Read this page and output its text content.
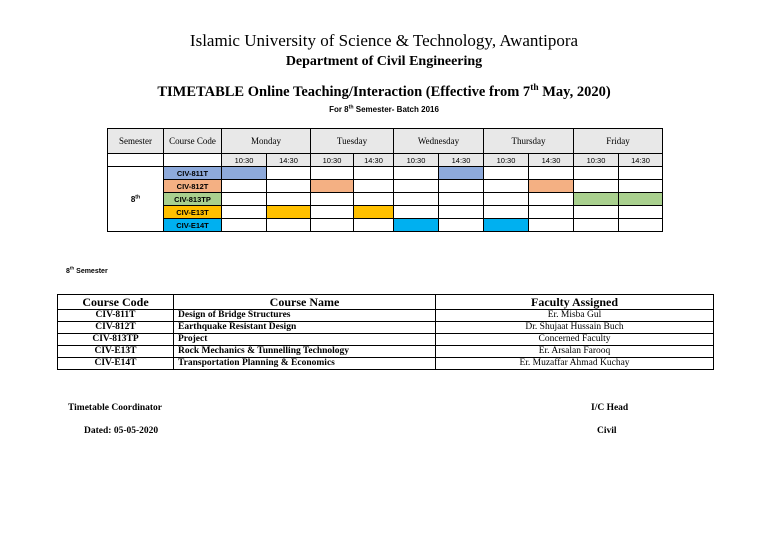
Islamic University of Science & Technology, Awantipora
Department of Civil Engineering
TIMETABLE Online Teaching/Interaction (Effective from 7th May, 2020)
For 8th Semester- Batch 2016
Semester	Course Code	Monday		Tuesday		Wednesday		Thursday		Friday	
		10:30	14:30	10:30	14:30	10:30	14:30	10:30	14:30	10:30	14:30
8th	CIV-811T										
	CIV-812T										
	CIV-813TP										
	CIV-E13T										
	CIV-E14T										
8th Semester
Course Code	Course Name	Faculty Assigned
CIV-811T	Design of Bridge Structures	Er. Misba Gul
CIV-812T	Earthquake Resistant Design	Dr. Shujaat Hussain Buch
CIV-813TP	Project	Concerned Faculty
CIV-E13T	Rock Mechanics & Tunnelling Technology	Er. Arsalan Farooq
CIV-E14T	Transportation Planning & Economics	Er. Muzaffar Ahmad Kuchay
Timetable Coordinator
Dated: 05-05-2020
I/C Head
Civil
